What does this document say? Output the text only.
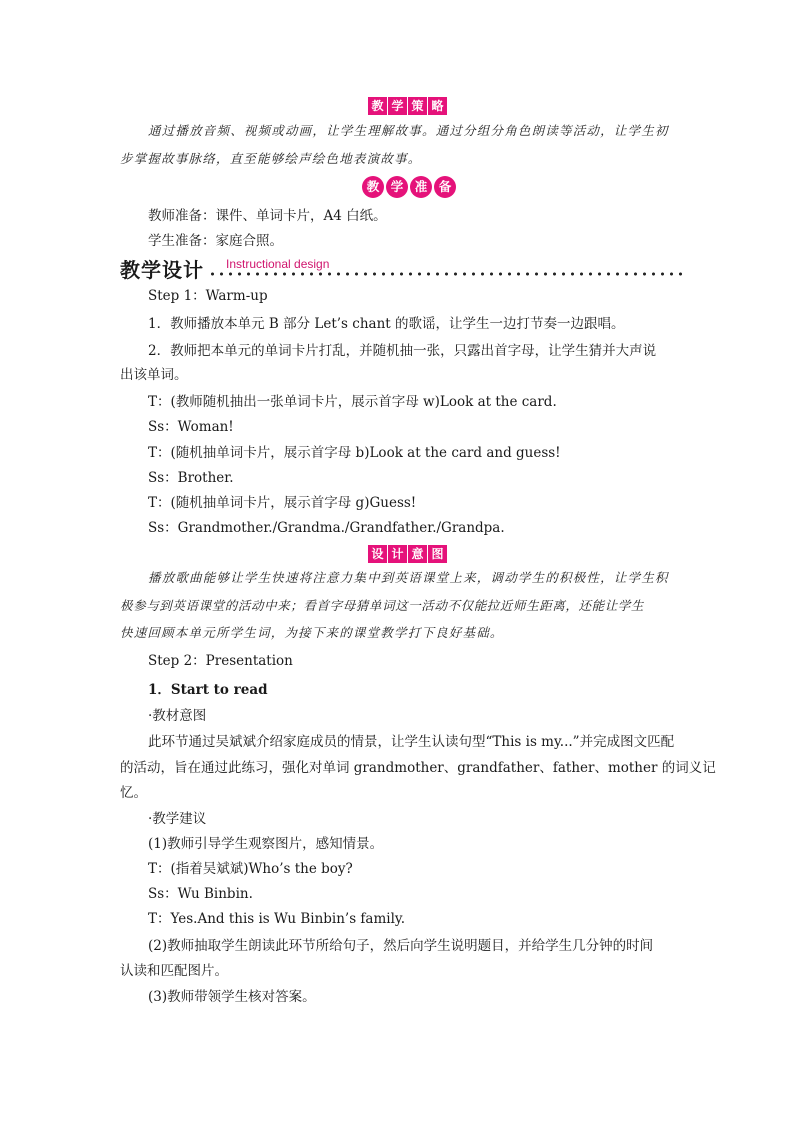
教 学 策 略
通过播放音频、视频或动画，让学生理解故事。通过分组分角色朗读等活动，让学生初
步掌握故事脉络，直至能够绘声绘色地表演故事。
教 学 准 备
教师准备：课件、单词卡片，A4 白纸。
学生准备：家庭合照。
教学设计 Instructional design
Step 1：Warm-up
1．教师播放本单元 B 部分 Let’s chant 的歌谣，让学生一边打节奏一边跟唱。
2．教师把本单元的单词卡片打乱，并随机抽一张，只露出首字母，让学生猜并大声说
出该单词。
T：(教师随机抽出一张单词卡片，展示首字母 w)Look at the card.
Ss：Woman!
T：(随机抽单词卡片，展示首字母 b)Look at the card and guess!
Ss：Brother.
T：(随机抽单词卡片，展示首字母 g)Guess!
Ss：Grandmother./Grandma./Grandfather./Grandpa.
设 计 意 图
播放歌曲能够让学生快速将注意力集中到英语课堂上来，调动学生的积极性，让学生积
极参与到英语课堂的活动中来；看首字母猜单词这一活动不仅能拉近师生距离，还能让学生
快速回顾本单元所学生词，为接下来的课堂教学打下良好基础。
Step 2：Presentation
1．Start to read
·教材意图
此环节通过吴斌斌介绍家庭成员的情景，让学生认读句型“This is my...”并完成图文匹配
的活动，旨在通过此练习，强化对单词 grandmother、grandfather、father、mother 的词义记
忆。
·教学建议
(1)教师引导学生观察图片，感知情景。
T：(指着吴斌斌)Who’s the boy?
Ss：Wu Binbin.
T：Yes.And this is Wu Binbin’s family.
(2)教师抽取学生朗读此环节所给句子，然后向学生说明题目，并给学生几分钟的时间
认读和匹配图片。
(3)教师带领学生核对答案。
